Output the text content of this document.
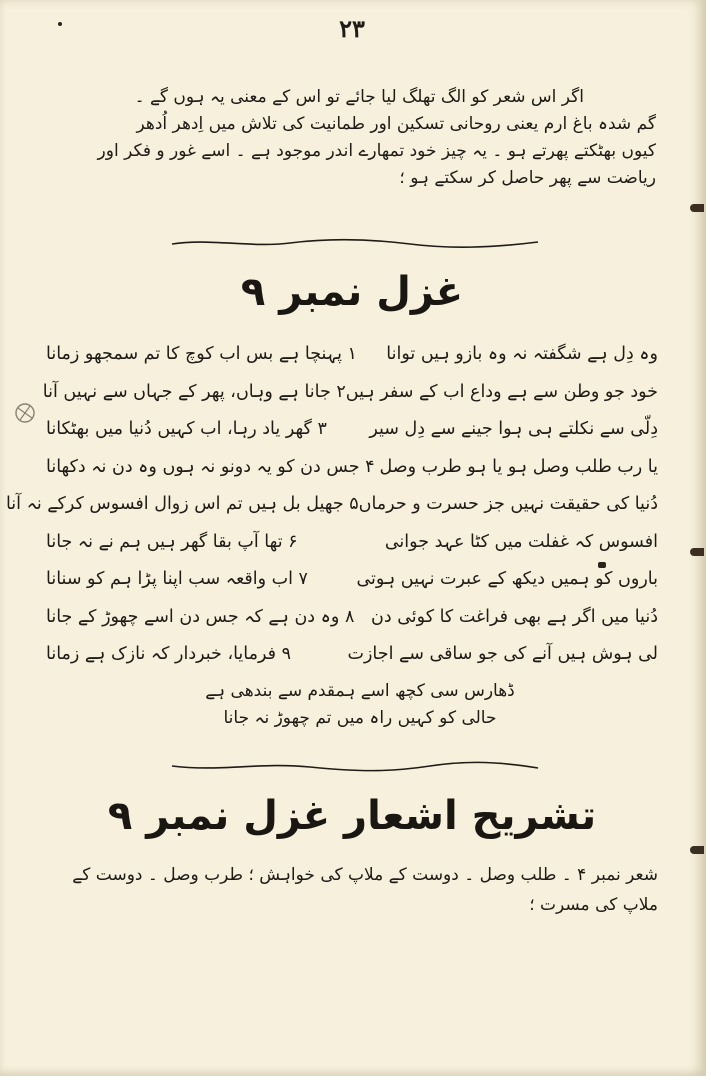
۲۳
اگر اس شعر کو الگ تھلگ لیا جائے تو اس کے معنی یہ ہوں گے ۔
گم شدہ باغ ارم یعنی روحانی تسکین اور طمانیت کی تلاش میں اِدھر اُدھر
کیوں بھٹکتے پھرتے ہو ۔ یہ چیز خود تمھارے اندر موجود ہے ۔ اسے غور و فکر اور
ریاضت سے پھر حاصل کر سکتے ہو ؛
غزل نمبر ۹
وہ دِل ہے شگفتہ نہ وہ بازو ہیں توانا
۱ پہنچا ہے بس اب کوچ کا تم سمجھو زمانا
خود جو وطن سے ہے وداع اب کے سفر ہیں
۲ جانا ہے وہاں، پھر کے جہاں سے نہیں آنا
دِلّی سے نکلتے ہی ہوا جینے سے دِل سیر
۳ گھر یاد رہا، اب کہیں دُنیا میں بھٹکانا
یا رب طلب وصل ہو یا ہو طرب وصل
۴ جس دن کو یہ دونو نہ ہوں وہ دن نہ دکھانا
دُنیا کی حقیقت نہیں جز حسرت و حرماں
۵ جھیل بل ہیں تم اس زوال افسوس کرکے نہ آنا
افسوس کہ غفلت میں کٹا عہد جوانی
۶ تھا آپ بقا گھر ہیں ہم نے نہ جانا
باروں کو ہمیں دیکھ کے عبرت نہیں ہوتی
۷ اب واقعہ سب اپنا پڑا ہم کو سنانا
دُنیا میں اگر ہے بھی فراغت کا کوئی دن
۸ وہ دن ہے کہ جس دن اسے چھوڑ کے جانا
لی ہوش ہیں آنے کی جو ساقی سے اجازت
۹ فرمایا، خبردار کہ نازک ہے زمانا
ڈھارس سی کچھ اسے ہمقدم سے بندھی ہے
حالی کو کہیں راہ میں تم چھوڑ نہ جانا
تشریح اشعار غزل نمبر ۹
شعر نمبر ۴ ۔ طلب وصل ۔ دوست کے ملاپ کی خواہش ؛ طرب وصل ۔ دوست کے
ملاپ کی مسرت ؛
